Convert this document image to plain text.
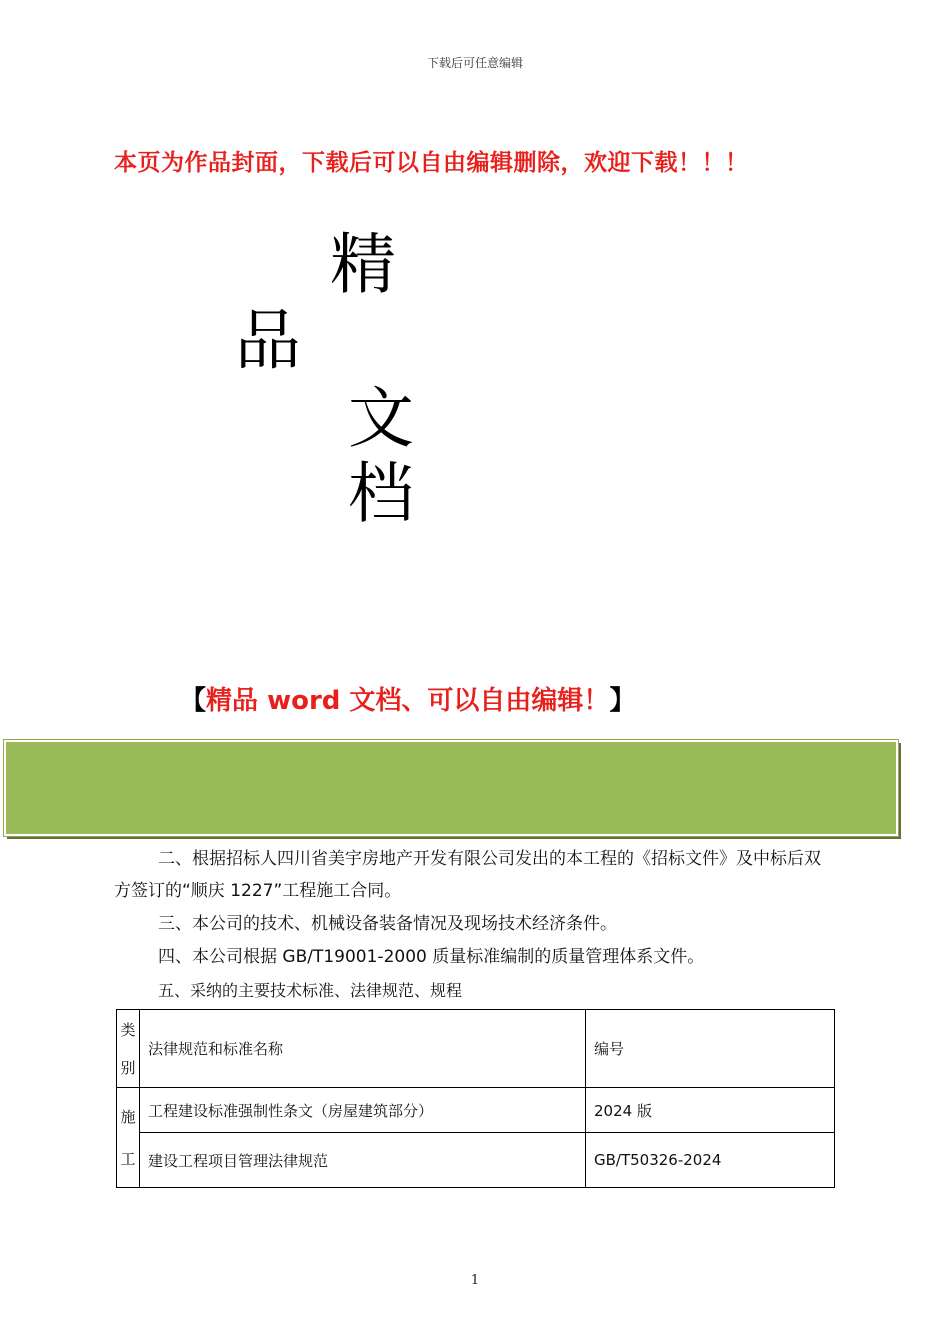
下载后可任意编辑
本页为作品封面，下载后可以自由编辑删除，欢迎下载！！！
精
品
文
档
【精品 word 文档、可以自由编辑！】
二、根据招标人四川省美宇房地产开发有限公司发出的本工程的《招标文件》及中标后双方签订的“顺庆 1227”工程施工合同。
三、本公司的技术、机械设备装备情况及现场技术经济条件。
四、本公司根据 GB/T19001-2000 质量标准编制的质量管理体系文件。
五、采纳的主要技术标准、法律规范、规程
类
别	法律规范和标准名称	编号

施
工	工程建设标准强制性条文（房屋建筑部分）	2024 版
	建设工程项目管理法律规范	GB/T50326-2024
1
